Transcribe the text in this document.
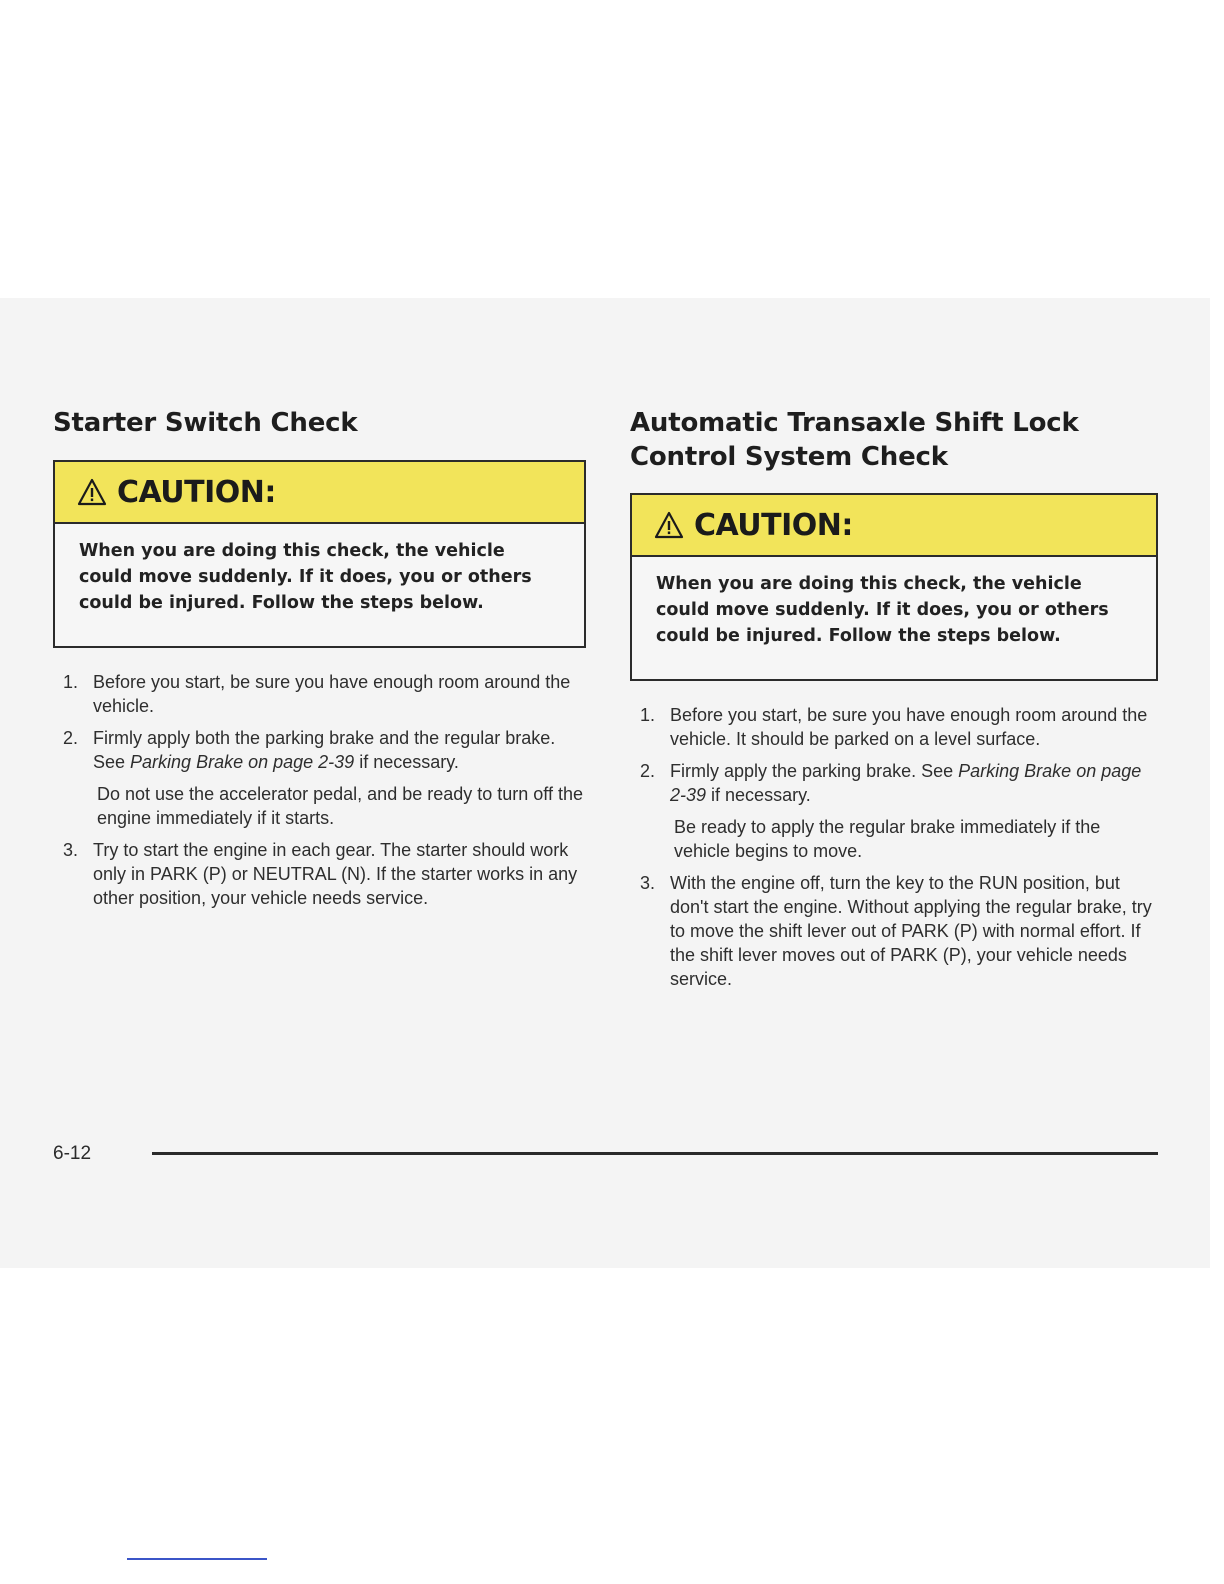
Starter Switch Check
CAUTION:
When you are doing this check, the vehicle could move suddenly. If it does, you or others could be injured. Follow the steps below.
1. Before you start, be sure you have enough room around the vehicle.
2. Firmly apply both the parking brake and the regular brake. See Parking Brake on page 2-39 if necessary.
Do not use the accelerator pedal, and be ready to turn off the engine immediately if it starts.
3. Try to start the engine in each gear. The starter should work only in PARK (P) or NEUTRAL (N). If the starter works in any other position, your vehicle needs service.
Automatic Transaxle Shift Lock Control System Check
CAUTION:
When you are doing this check, the vehicle could move suddenly. If it does, you or others could be injured. Follow the steps below.
1. Before you start, be sure you have enough room around the vehicle. It should be parked on a level surface.
2. Firmly apply the parking brake. See Parking Brake on page 2-39 if necessary.
Be ready to apply the regular brake immediately if the vehicle begins to move.
3. With the engine off, turn the key to the RUN position, but don't start the engine. Without applying the regular brake, try to move the shift lever out of PARK (P) with normal effort. If the shift lever moves out of PARK (P), your vehicle needs service.
6-12
